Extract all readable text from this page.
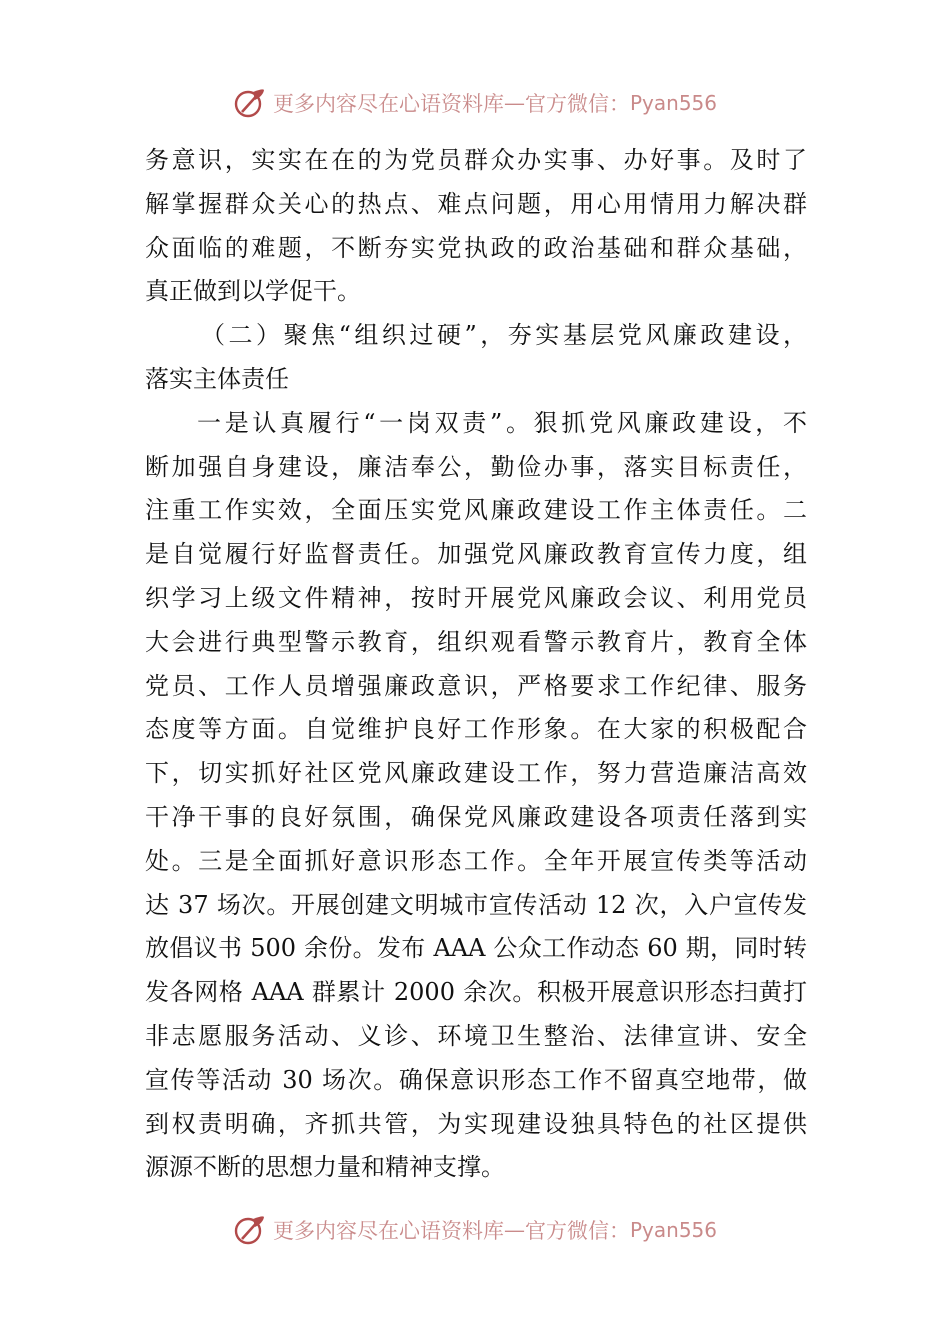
更多内容尽在心语资料库 — 官方微信： Pyan556
务意识，实实在在的为党员群众办实事、办好事。及时了
解掌握群众关心的热点、难点问题，用心用情用力解决群
众面临的难题，不断夯实党执政的政治基础和群众基础，
真正做到以学促干。
（二）聚焦“组织过硬”，夯实基层党风廉政建设，
落实主体责任
一是认真履行“一岗双责”。狠抓党风廉政建设，不
断加强自身建设，廉洁奉公，勤俭办事，落实目标责任，
注重工作实效，全面压实党风廉政建设工作主体责任。二
是自觉履行好监督责任。加强党风廉政教育宣传力度，组
织学习上级文件精神，按时开展党风廉政会议、利用党员
大会进行典型警示教育，组织观看警示教育片，教育全体
党员、工作人员增强廉政意识，严格要求工作纪律、服务
态度等方面。自觉维护良好工作形象。在大家的积极配合
下，切实抓好社区党风廉政建设工作，努力营造廉洁高效
干净干事的良好氛围，确保党风廉政建设各项责任落到实
处。三是全面抓好意识形态工作。全年开展宣传类等活动
达 37 场次。开展创建文明城市宣传活动 12 次，入户宣传发
放倡议书 500 余份。发布 AAA 公众工作动态 60 期，同时转
发各网格 AAA 群累计 2000 余次。积极开展意识形态扫黄打
非志愿服务活动、义诊、环境卫生整治、法律宣讲、安全
宣传等活动 30 场次。确保意识形态工作不留真空地带，做
到权责明确，齐抓共管，为实现建设独具特色的社区提供
源源不断的思想力量和精神支撑。
更多内容尽在心语资料库 — 官方微信： Pyan556
